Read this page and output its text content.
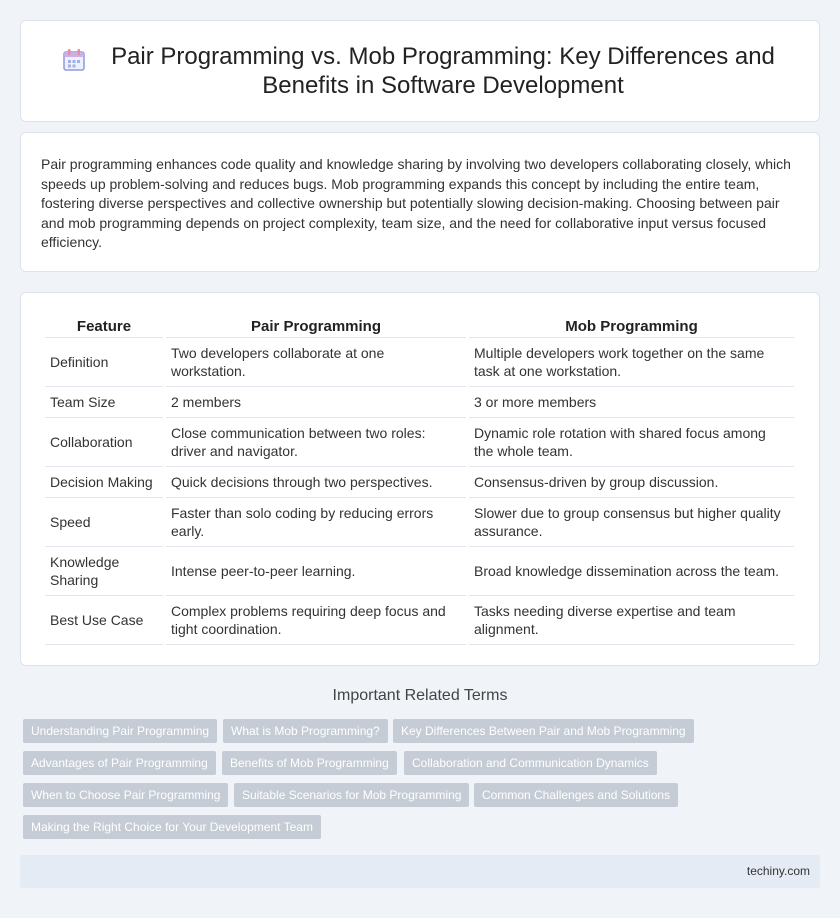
Pair Programming vs. Mob Programming: Key Differences and Benefits in Software Development

Pair programming enhances code quality and knowledge sharing by involving two developers collaborating closely, which speeds up problem-solving and reduces bugs. Mob programming expands this concept by including the entire team, fostering diverse perspectives and collective ownership but potentially slowing decision-making. Choosing between pair and mob programming depends on project complexity, team size, and the need for collaborative input versus focused efficiency.

Feature	Pair Programming	Mob Programming
Definition	Two developers collaborate at one workstation.	Multiple developers work together on the same task at one workstation.
Team Size	2 members	3 or more members
Collaboration	Close communication between two roles: driver and navigator.	Dynamic role rotation with shared focus among the whole team.
Decision Making	Quick decisions through two perspectives.	Consensus-driven by group discussion.
Speed	Faster than solo coding by reducing errors early.	Slower due to group consensus but higher quality assurance.
Knowledge Sharing	Intense peer-to-peer learning.	Broad knowledge dissemination across the team.
Best Use Case	Complex problems requiring deep focus and tight coordination.	Tasks needing diverse expertise and team alignment.
Important Related Terms
Understanding Pair Programming	What is Mob Programming?	Key Differences Between Pair and Mob Programming
Advantages of Pair Programming	Benefits of Mob Programming	Collaboration and Communication Dynamics
When to Choose Pair Programming	Suitable Scenarios for Mob Programming	Common Challenges and Solutions
Making the Right Choice for Your Development Team
techiny.com
